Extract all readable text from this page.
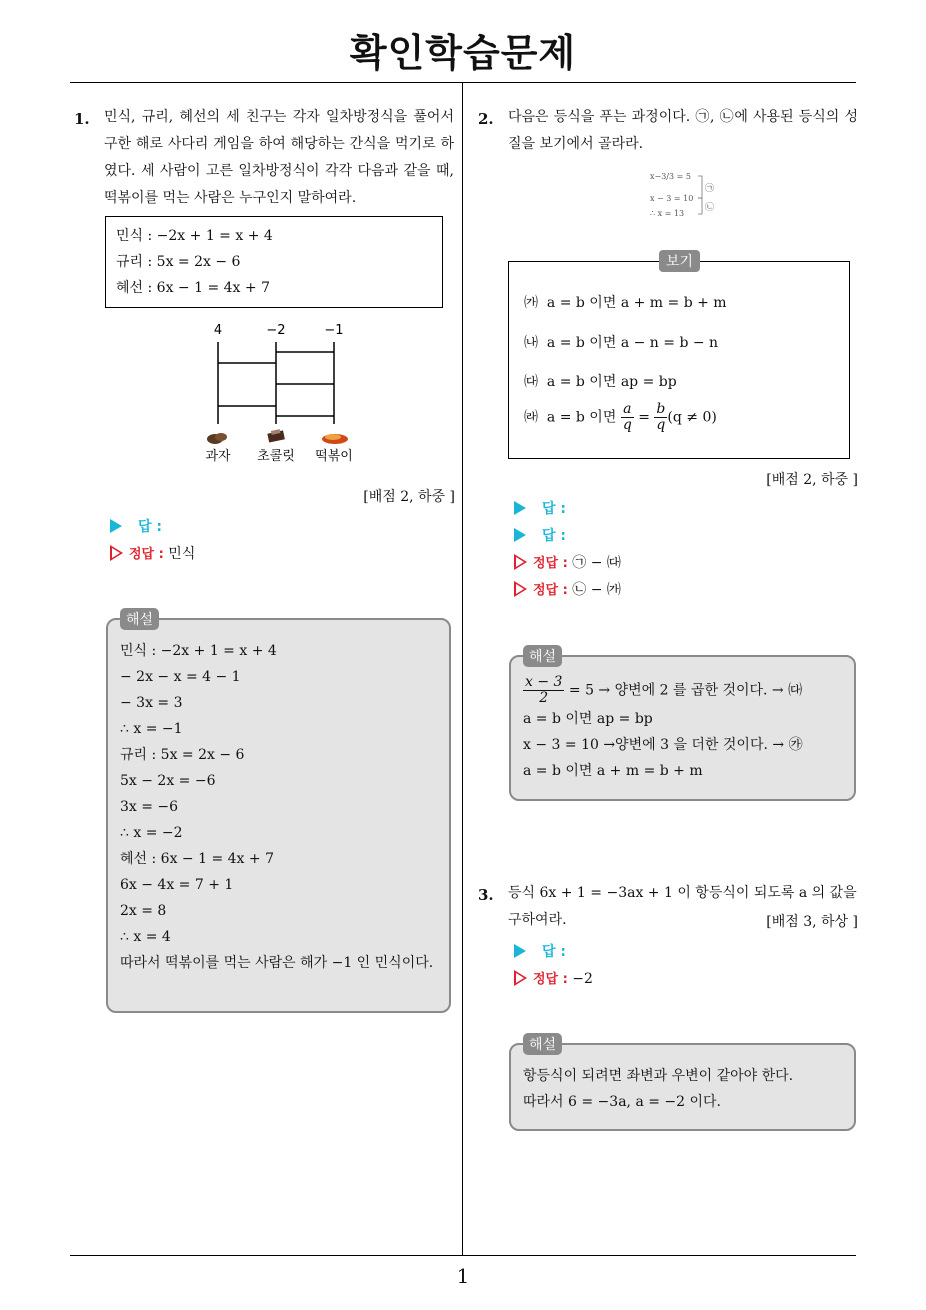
확인학습문제
1. 민식, 규리, 혜선의 세 친구는 각자 일차방정식을 풀어서 구한 해로 사다리 게임을 하여 해당하는 간식을 먹기로 하였다. 세 사람이 고른 일차방정식이 각각 다음과 같을 때, 떡볶이를 먹는 사람은 누구인지 말하여라.

민식 : −2x + 1 = x + 4

규리 : 5x = 2x − 6

혜선 : 6x − 1 = 4x + 7

4	−2	−1
과자 초콜릿 떡볶이
[배점 2, 하중 ]
답 :
정답 : 민식
해설

민식 : −2x + 1 = x + 4

− 2x − x = 4 − 1

− 3x = 3

∴ x = −1

규리 : 5x = 2x − 6

5x − 2x = −6

3x = −6

∴ x = −2

혜선 : 6x − 1 = 4x + 7

6x − 4x = 7 + 1

2x = 8

∴ x = 4

따라서 떡볶이를 먹는 사람은 해가 −1 인 민식이다.

2. 다음은 등식을 푸는 과정이다. ㉠, ㉡에 사용된 등식의 성질을 보기에서 골라라.
x−3/3 = 5
x − 3 = 10
∴ x = 13
㉠
㉡
보기
㈎ a = b 이면 a + m = b + m
㈏ a = b 이면 a − n = b − n
㈐ a = b 이면 ap = bp
㈑ a = b 이면 $\frac{a}{q} = \frac{b}{q} (q \ne 0)$
[배점 2, 하중 ]
답 :
답 :
정답 : ㉠ − ㈐
정답 : ㉡ − ㈎
해설

$\frac{x - 3}{2} = 5$ → 양변에 2 를 곱한 것이다. → ㈐

a = b 이면 ap = bp

x − 3 = 10 →양변에 3 을 더한 것이다. → ㉮

a = b 이면 a + m = b + m

3. 등식 6x + 1 = −3ax + 1 이 항등식이 되도록 a 의 값을
구하여라.	[배점 3, 하상 ]
답 :
정답 : −2
해설

항등식이 되려면 좌변과 우변이 같아야 한다.

따라서 6 = −3a, a = −2 이다.

1
